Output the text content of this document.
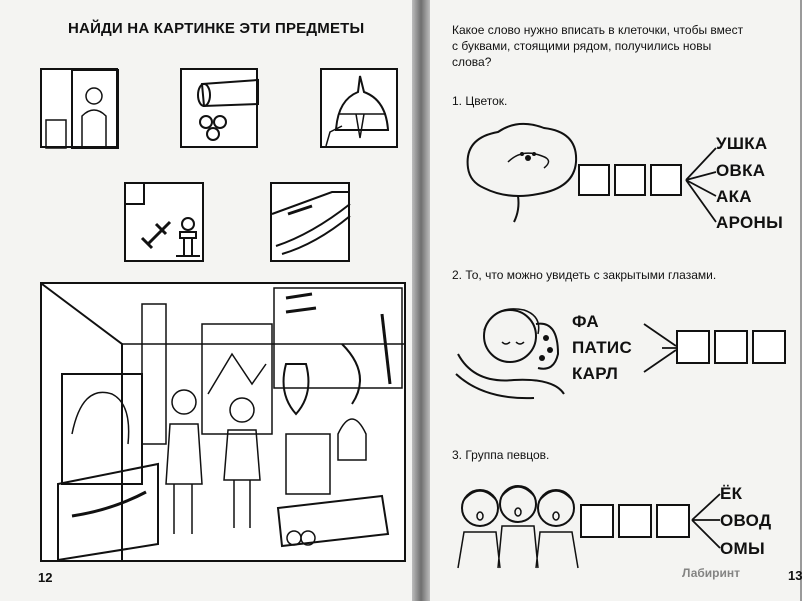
НАЙДИ НА КАРТИНКЕ ЭТИ ПРЕДМЕТЫ
12
Какое слово нужно вписать в клеточки, чтобы вмест
с буквами, стоящими рядом, получились новы
слова?
1. Цветок.
УШКА
ОВКА
АКА
АРОНЫ
2. То, что можно увидеть с закрытыми глазами.
ФА
ПАТИС
КАРЛ
3. Группа певцов.
ЁК
ОВОД
ОМЫ
13
Лабиринт
